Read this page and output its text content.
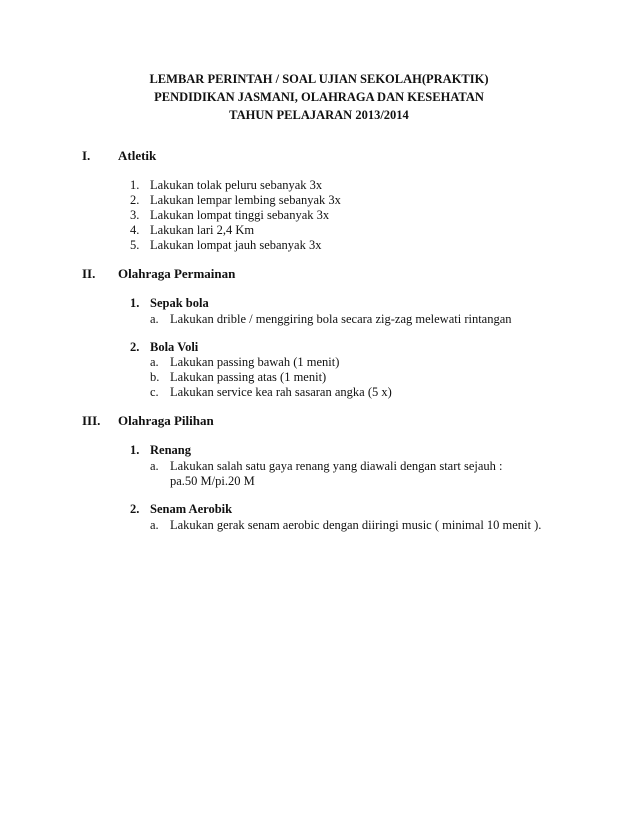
LEMBAR PERINTAH / SOAL UJIAN SEKOLAH(PRAKTIK)
PENDIDIKAN JASMANI, OLAHRAGA DAN KESEHATAN
TAHUN PELAJARAN 2013/2014
I. Atletik
1. Lakukan tolak peluru sebanyak 3x
2. Lakukan lempar lembing sebanyak 3x
3. Lakukan lompat tinggi sebanyak 3x
4. Lakukan lari 2,4 Km
5. Lakukan lompat jauh sebanyak 3x
II. Olahraga Permainan
1. Sepak bola
a. Lakukan drible / menggiring bola secara zig-zag melewati rintangan
2. Bola Voli
a. Lakukan passing bawah (1 menit)
b. Lakukan passing atas (1 menit)
c. Lakukan service kea rah sasaran angka (5 x)
III. Olahraga Pilihan
1. Renang
a. Lakukan salah satu gaya renang yang diawali dengan start sejauh :
pa.50 M/pi.20 M
2. Senam Aerobik
a. Lakukan gerak senam aerobic dengan diiringi music ( minimal 10 menit ).
